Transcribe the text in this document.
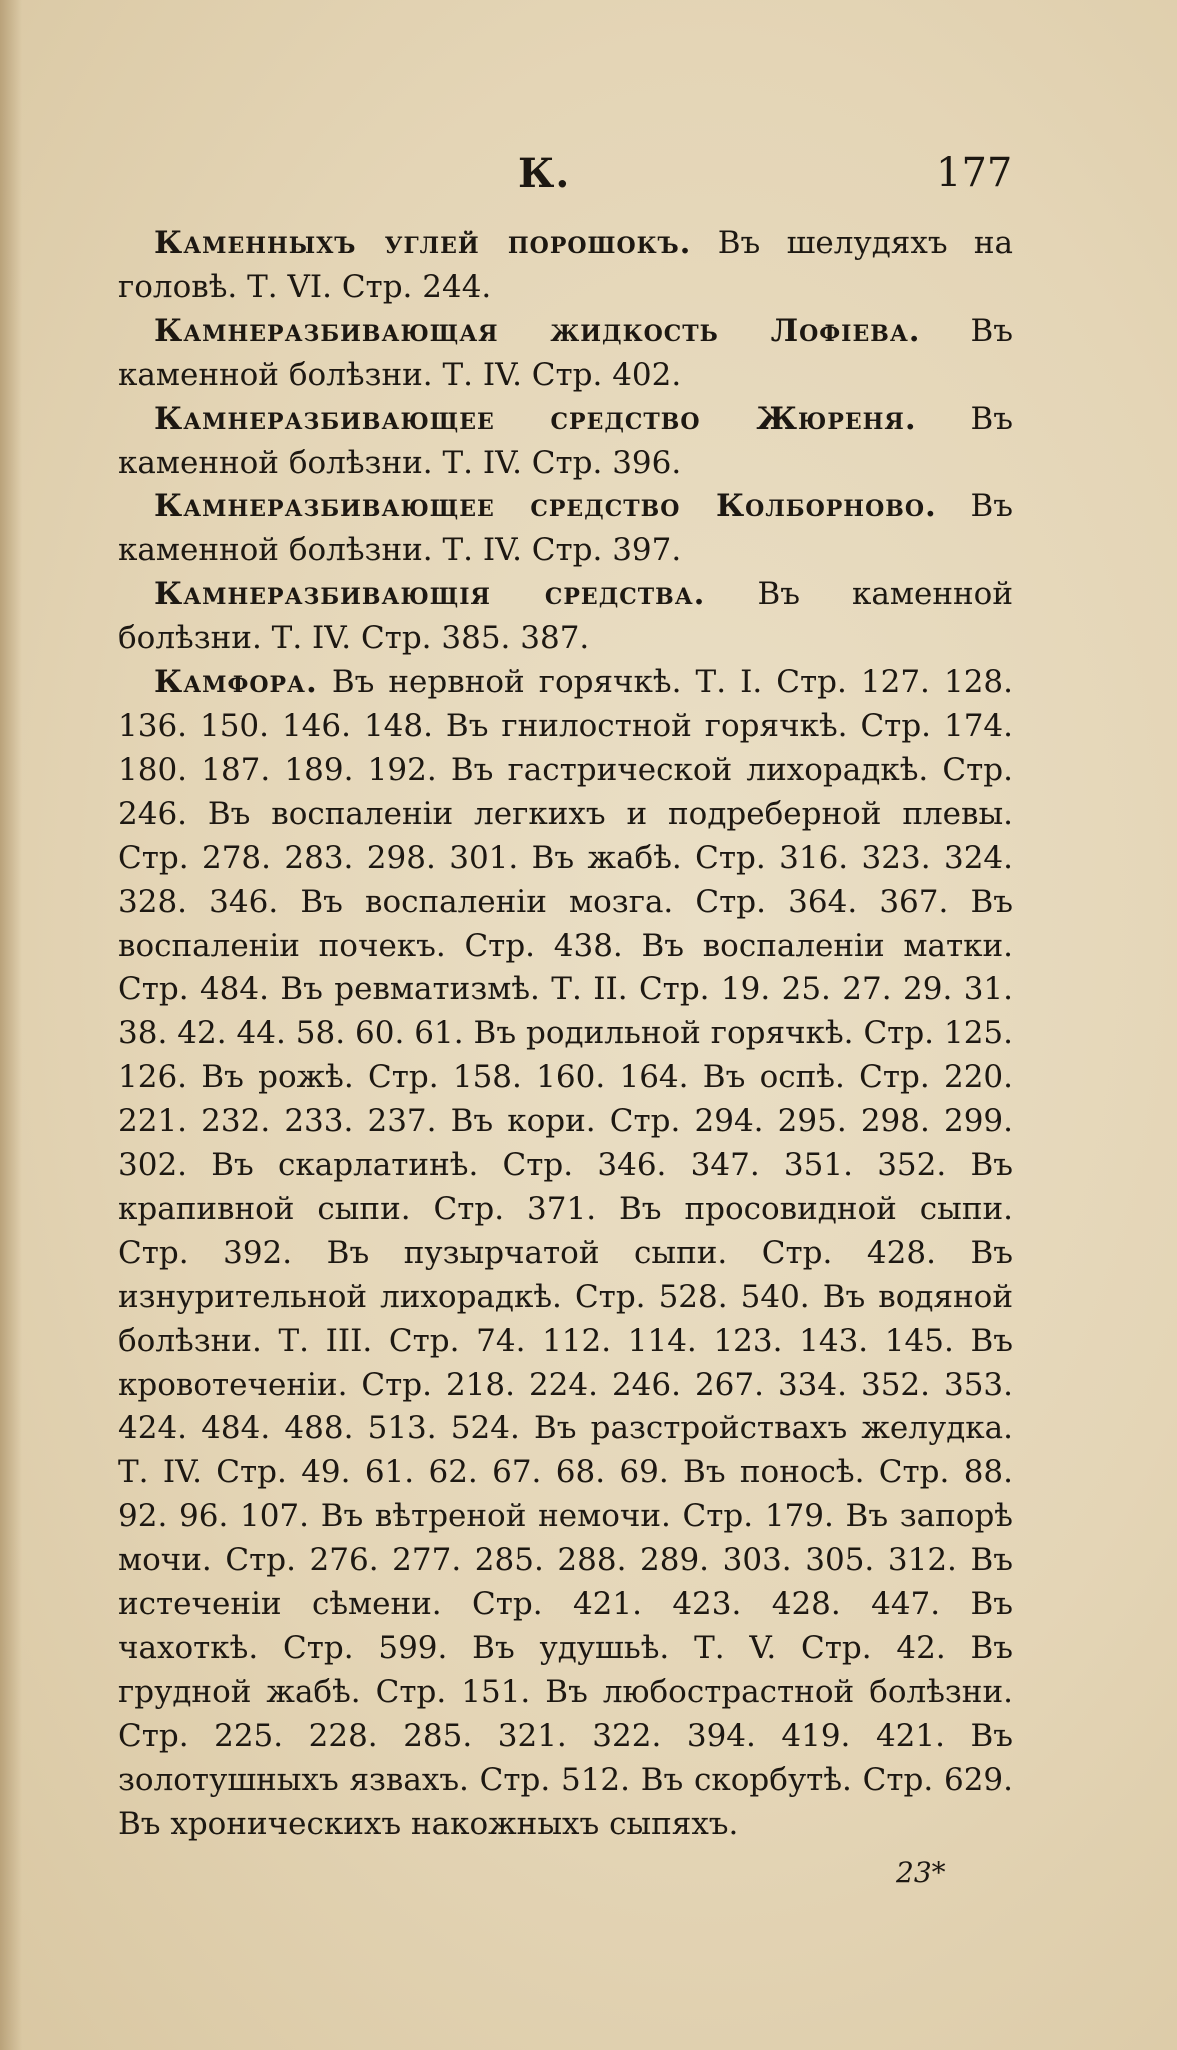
К.	177

Каменныхъ углей порошокъ. Въ шелудяхъ на головѣ. Т. VI. Стр. 244.

Камнеразбивающая жидкость Лофiева. Въ каменной болѣзни. Т. IV. Стр. 402.

Камнеразбивающее средство Жюреня. Въ каменной болѣзни. Т. IV. Стр. 396.

Камнеразбивающее средство Колборново. Въ каменной болѣзни. Т. IV. Стр. 397.

Камнеразбивающiя средства. Въ каменной болѣзни. Т. IV. Стр. 385. 387.

Камфора. Въ нервной горячкѣ. Т. I. Стр. 127. 128. 136. 150. 146. 148. Въ гнилостной горячкѣ. Стр. 174. 180. 187. 189. 192. Въ гастрической лихорадкѣ. Стр. 246. Въ воспаленiи легкихъ и подреберной плевы. Стр. 278. 283. 298. 301. Въ жабѣ. Стр. 316. 323. 324. 328. 346. Въ воспаленiи мозга. Стр. 364. 367. Въ воспаленiи почекъ. Стр. 438. Въ воспаленiи матки. Стр. 484. Въ ревматизмѣ. Т. II. Стр. 19. 25. 27. 29. 31. 38. 42. 44. 58. 60. 61. Въ родильной горячкѣ. Стр. 125. 126. Въ рожѣ. Стр. 158. 160. 164. Въ оспѣ. Стр. 220. 221. 232. 233. 237. Въ кори. Стр. 294. 295. 298. 299. 302. Въ скарлатинѣ. Стр. 346. 347. 351. 352. Въ крапивной сыпи. Стр. 371. Въ просовидной сыпи. Стр. 392. Въ пузырчатой сыпи. Стр. 428. Въ изнурительной лихорадкѣ. Стр. 528. 540. Въ водяной болѣзни. Т. III. Стр. 74. 112. 114. 123. 143. 145. Въ кровотеченiи. Стр. 218. 224. 246. 267. 334. 352. 353. 424. 484. 488. 513. 524. Въ разстройствахъ желудка. Т. IV. Стр. 49. 61. 62. 67. 68. 69. Въ поносѣ. Стр. 88. 92. 96. 107. Въ вѣтреной немочи. Стр. 179. Въ запорѣ мочи. Стр. 276. 277. 285. 288. 289. 303. 305. 312. Въ истеченiи сѣмени. Стр. 421. 423. 428. 447. Въ чахоткѣ. Стр. 599. Въ удушьѣ. Т. V. Стр. 42. Въ грудной жабѣ. Стр. 151. Въ любострастной болѣзни. Стр. 225. 228. 285. 321. 322. 394. 419. 421. Въ золотушныхъ язвахъ. Стр. 512. Въ скорбутѣ. Стр. 629. Въ хроническихъ накожныхъ сыпяхъ.

23*
